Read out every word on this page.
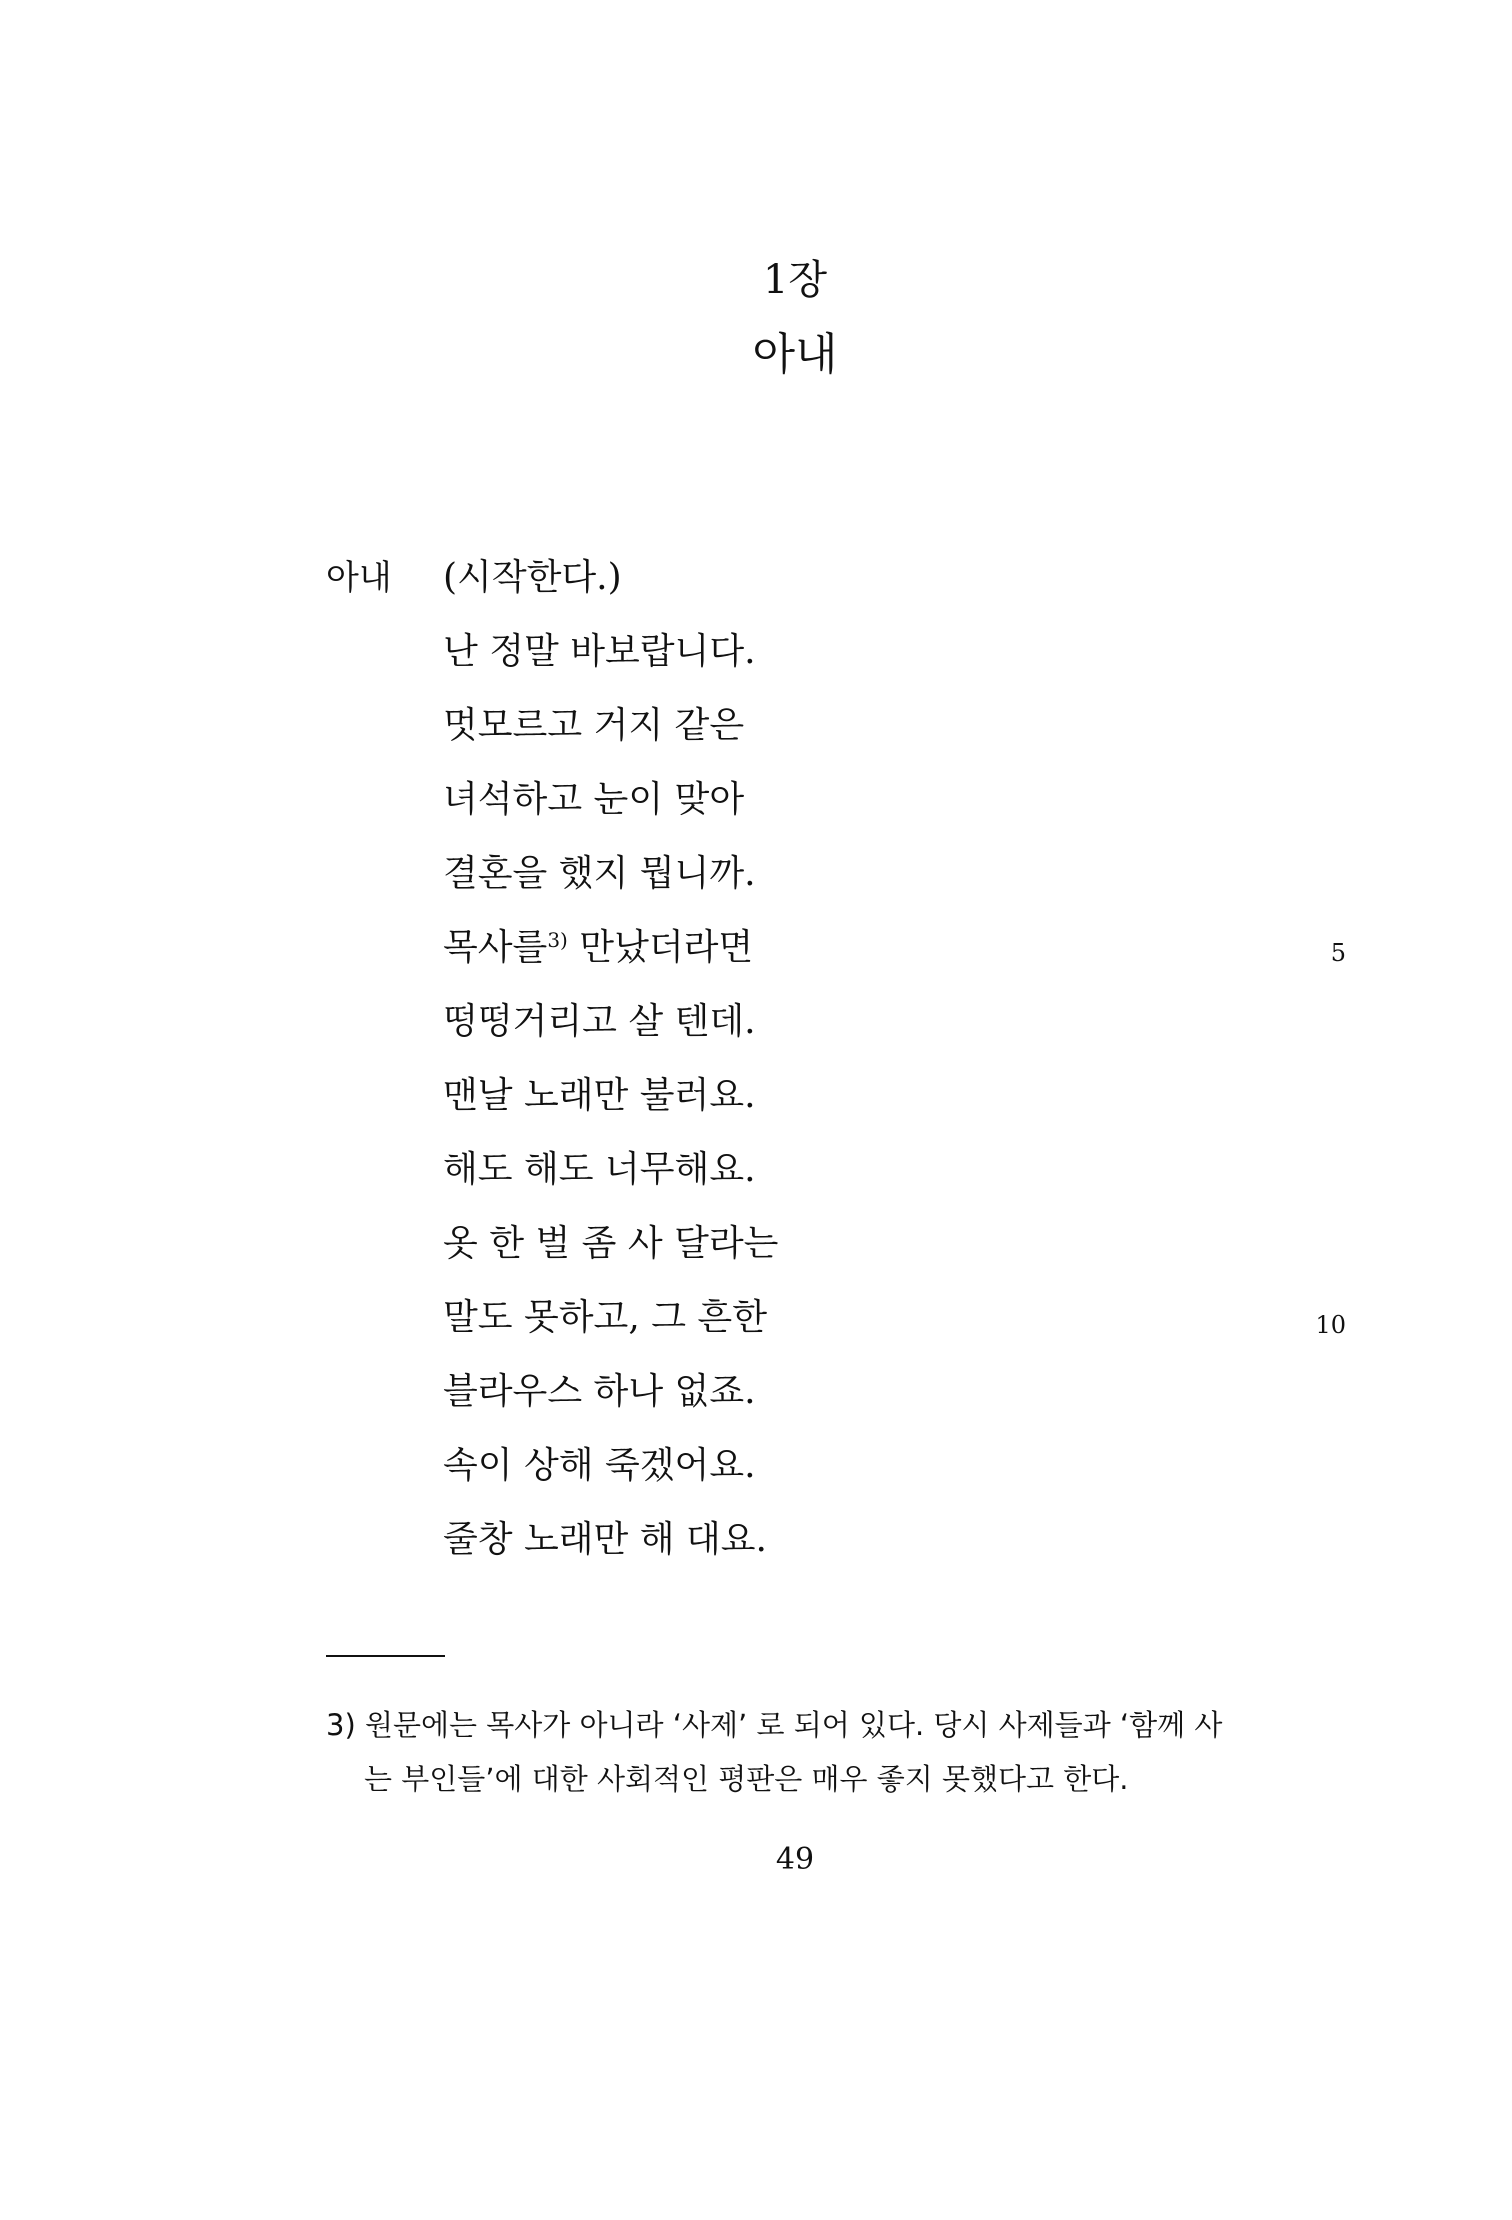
1장
아내
아내 (시작한다.)
난 정말 바보랍니다.
멋모르고 거지 같은
녀석하고 눈이 맞아
결혼을 했지 뭡니까.
목사를$^{3)}$ 만났더라면
떵떵거리고 살 텐데.
맨날 노래만 불러요.
해도 해도 너무해요.
옷 한 벌 좀 사 달라는
말도 못하고, 그 흔한
블라우스 하나 없죠.
속이 상해 죽겠어요.
줄창 노래만 해 대요.
5
10
3) 원문에는 목사가 아니라 ‘사제’ 로 되어 있다. 당시 사제들과 ‘함께 사
는 부인들’에 대한 사회적인 평판은 매우 좋지 못했다고 한다.
49
